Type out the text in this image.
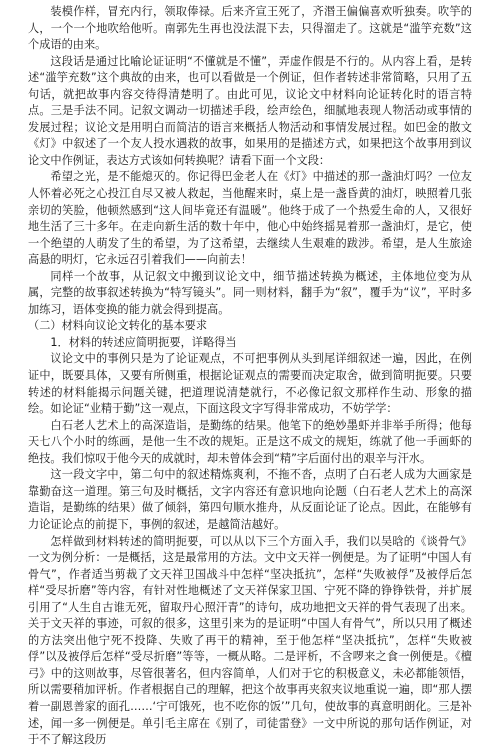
装模作样，冒充内行，领取俸禄。后来齐宣王死了，齐湣王偏偏喜欢听独奏。吹竽的人，一个一个地吹给他听。南郭先生再也没法混下去，只得溜走了。这就是“滥竽充数”这个成语的由来。

这段话是通过比喻论证证明“不懂就是不懂”，弄虚作假是不行的。从内容上看，是转述“滥竽充数”这个典故的由来，也可以看做是一个例证，但作者转述非常简略，只用了五句话，就把故事内容交待得清楚明了。由此可见，议论文中材料向论证转化时的语言特点。三是手法不同。记叙文调动一切描述手段，绘声绘色，细腻地表现人物活动或事情的发展过程；议论文是用明白而简洁的语言来概括人物活动和事情发展过程。如巴金的散文《灯》中叙述了一个友人投水遇救的故事，如果用的是描述方式，如果把这个故事用到议论文中作例证，表达方式该如何转换呢？请看下面一个文段：

希望之光，是不能熄灭的。你记得巴金老人在《灯》中描述的那一盏油灯吗？一位友人怀着必死之心投江自尽又被人救起，当他醒来时，桌上是一盏昏黄的油灯，映照着几张亲切的笑脸，他顿然感到“这人间毕竟还有温暖”。他终于成了一个热爱生命的人，又很好地生活了三十多年。在走向新生活的数十年中，他心中始终摇晃着那一盏油灯，是它，使一个绝望的人萌发了生的希望，为了这希望，去继续人生艰难的跋涉。希望，是人生旅途高悬的明灯，它永远召引着我们——向前去！

同样一个故事，从记叙文中搬到议论文中，细节描述转换为概述，主体地位变为从属，完整的故事叙述转换为“特写镜头”。同一则材料，翻手为“叙”，覆手为“议”，平时多加练习，语体变换的能力就会得到提高。

（二）材料向议论文转化的基本要求

1．材料的转述应简明扼要，详略得当

议论文中的事例只是为了论证观点，不可把事例从头到尾详细叙述一遍，因此，在例证中，既要具体，又要有所侧重，根据论证观点的需要而决定取舍，做到简明扼要。只要转述的材料能揭示问题关键，把道理说清楚就行，不必像记叙文那样作生动、形象的描绘。如论证“业精于勤”这一观点，下面这段文字写得非常成功，不妨学学：

白石老人艺术上的高深造诣，是勤练的结果。他笔下的绝妙墨虾并非举手所得；他每天七八个小时的练画，是他一生不改的规矩。正是这不成文的规矩，练就了他一手画虾的绝技。我们惊叹于他今天的成就时，却未曾体会到“精”字后面付出的艰辛与汗水。

这一段文字中，第二句中的叙述精炼爽利，不拖不沓，点明了白石老人成为大画家是靠勤奋这一道理。第三句及时概括，文字内容还有意识地向论题（白石老人艺术上的高深造诣，是勤练的结果）做了倾斜，第四句顺水推舟，从反面论证了论点。因此，在能够有力论证论点的前提下，事例的叙述，是越简洁越好。

怎样做到材料转述的简明扼要，可以从以下三个方面入手，我们以吴晗的《谈骨气》一文为例分析：一是概括，这是最常用的方法。文中文天祥一例便是。为了证明“中国人有骨气”，作者适当剪裁了文天祥卫国战斗中怎样“坚决抵抗”，怎样“失败被俘”及被俘后怎样“受尽折磨”等内容，有针对性地概述了文天祥保家卫国、宁死不降的铮铮铁骨，并扩展引用了“人生自古谁无死，留取丹心照汗青”的诗句，成功地把文天祥的骨气表现了出来。关于文天祥的事迹，可叙的很多，这里引来为的是证明“中国人有骨气”，所以只用了概述的方法突出他宁死不投降、失败了再干的精神，至于他怎样“坚决抵抗”，怎样“失败被俘”以及被俘后怎样“受尽折磨”等等，一概从略。二是评析，不含啰来之食一例便是。《檀弓》中的这则故事，尽管很著名，但内容简单，人们对于它的积极意义，未必都能领悟，所以需要稍加评析。作者根据自己的理解，把这个故事再夹叙夹议地重说一遍，即“那人摆着一副恩善家的面孔……‘宁可饿死，也不吃你的饭’”几句，使故事的真意明朗化。三是补述，闻一多一例便是。单引毛主席在《别了，司徒雷登》一文中所说的那句话作例证，对于不了解这段历
